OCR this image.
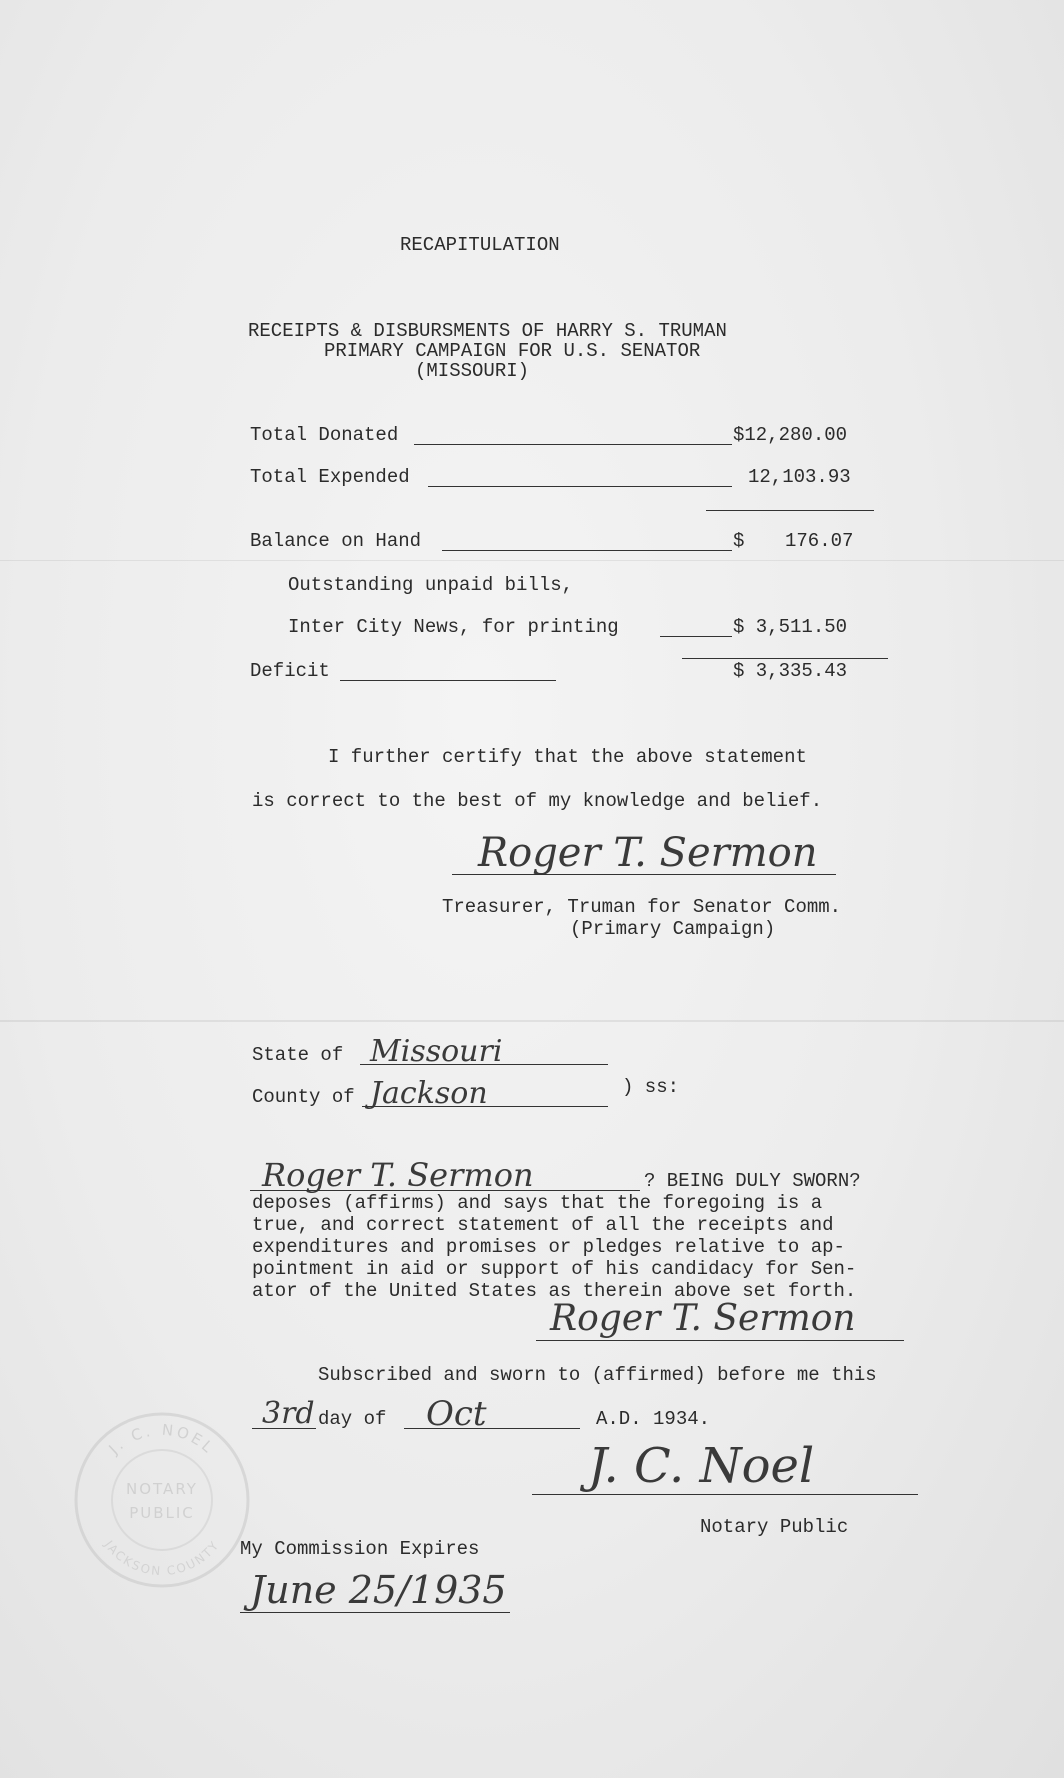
RECAPITULATION
RECEIPTS & DISBURSMENTS OF HARRY S. TRUMAN
PRIMARY CAMPAIGN FOR U.S. SENATOR
(MISSOURI)
Total Donated	$12,280.00
Total Expended	12,103.93
Balance on Hand	$ 176.07
Outstanding unpaid bills,
Inter City News, for printing	$ 3,511.50
Deficit	$ 3,335.43
I further certify that the above statement
is correct to the best of my knowledge and belief.
Roger T. Sermon
Treasurer, Truman for Senator Comm.
(Primary Campaign)
State of Missouri
County of Jackson	) ss:
Roger T. Sermon	? BEING DULY SWORN?
deposes (affirms) and says that the foregoing is a
true, and correct statement of all the receipts and
expenditures and promises or pledges relative to ap-
pointment in aid or support of his candidacy for Sen-
ator of the United States as therein above set forth.
Roger T. Sermon
Subscribed and sworn to (affirmed) before me this
3rd day of Oct	A.D. 1934.
J. C. Noel
Notary Public
My Commission Expires
June 25/1935
J. C. NOEL
NOTARY
PUBLIC
JACKSON COUNTY
